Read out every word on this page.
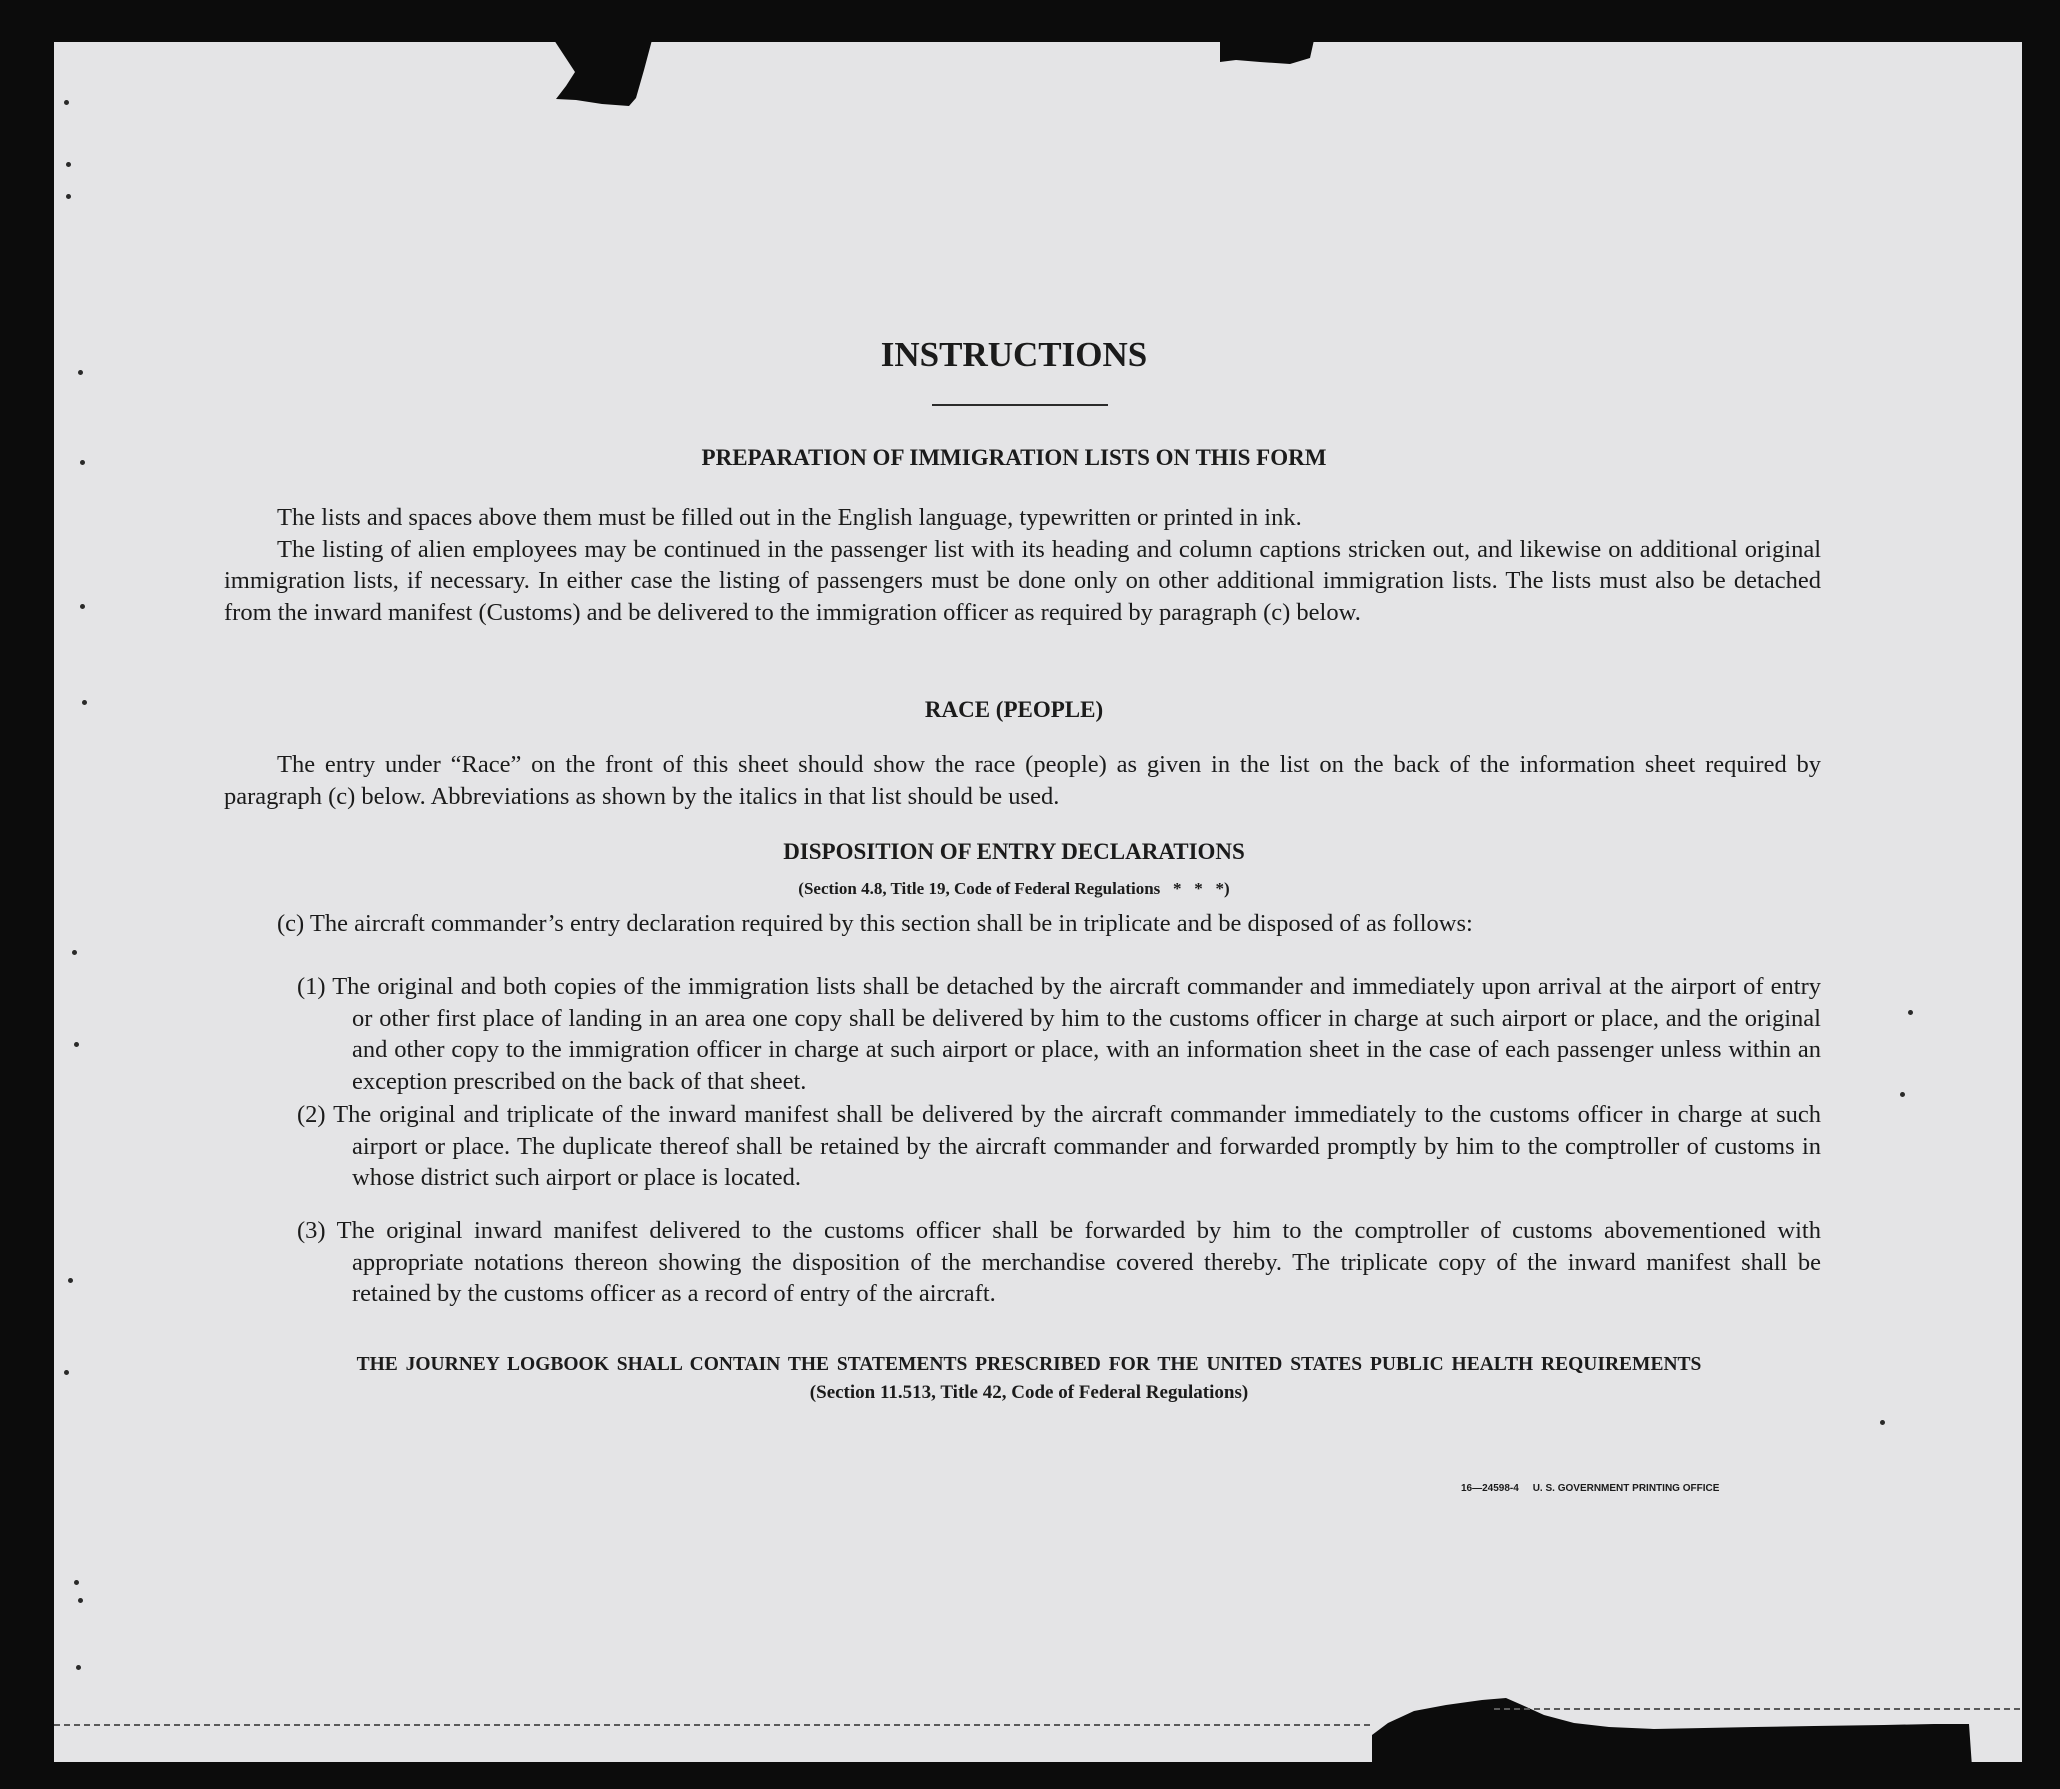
INSTRUCTIONS
PREPARATION OF IMMIGRATION LISTS ON THIS FORM

The lists and spaces above them must be filled out in the English language, typewritten or printed in ink.

The listing of alien employees may be continued in the passenger list with its heading and column captions stricken out, and likewise on additional original immigration lists, if necessary. In either case the listing of passengers must be done only on other additional immigration lists. The lists must also be detached from the inward manifest (Customs) and be delivered to the immigration officer as required by paragraph (c) below.

RACE (PEOPLE)

The entry under “Race” on the front of this sheet should show the race (people) as given in the list on the back of the information sheet required by paragraph (c) below. Abbreviations as shown by the italics in that list should be used.

DISPOSITION OF ENTRY DECLARATIONS
(Section 4.8, Title 19, Code of Federal Regulations   *   *   *)

(c) The aircraft commander’s entry declaration required by this section shall be in triplicate and be disposed of as follows:

(1) The original and both copies of the immigration lists shall be detached by the aircraft commander and immediately upon arrival at the airport of entry or other first place of landing in an area one copy shall be delivered by him to the customs officer in charge at such airport or place, and the original and other copy to the immigration officer in charge at such airport or place, with an information sheet in the case of each passenger unless within an exception prescribed on the back of that sheet.

(2) The original and triplicate of the inward manifest shall be delivered by the aircraft commander immediately to the customs officer in charge at such airport or place. The duplicate thereof shall be retained by the aircraft commander and forwarded promptly by him to the comptroller of customs in whose district such airport or place is located.

(3) The original inward manifest delivered to the customs officer shall be forwarded by him to the comptroller of customs abovementioned with appropriate notations thereon showing the disposition of the merchandise covered thereby. The triplicate copy of the inward manifest shall be retained by the customs officer as a record of entry of the aircraft.

THE JOURNEY LOGBOOK SHALL CONTAIN THE STATEMENTS PRESCRIBED FOR THE UNITED STATES PUBLIC HEALTH REQUIREMENTS
(Section 11.513, Title 42, Code of Federal Regulations)
16—24598-4     U. S. GOVERNMENT PRINTING OFFICE
